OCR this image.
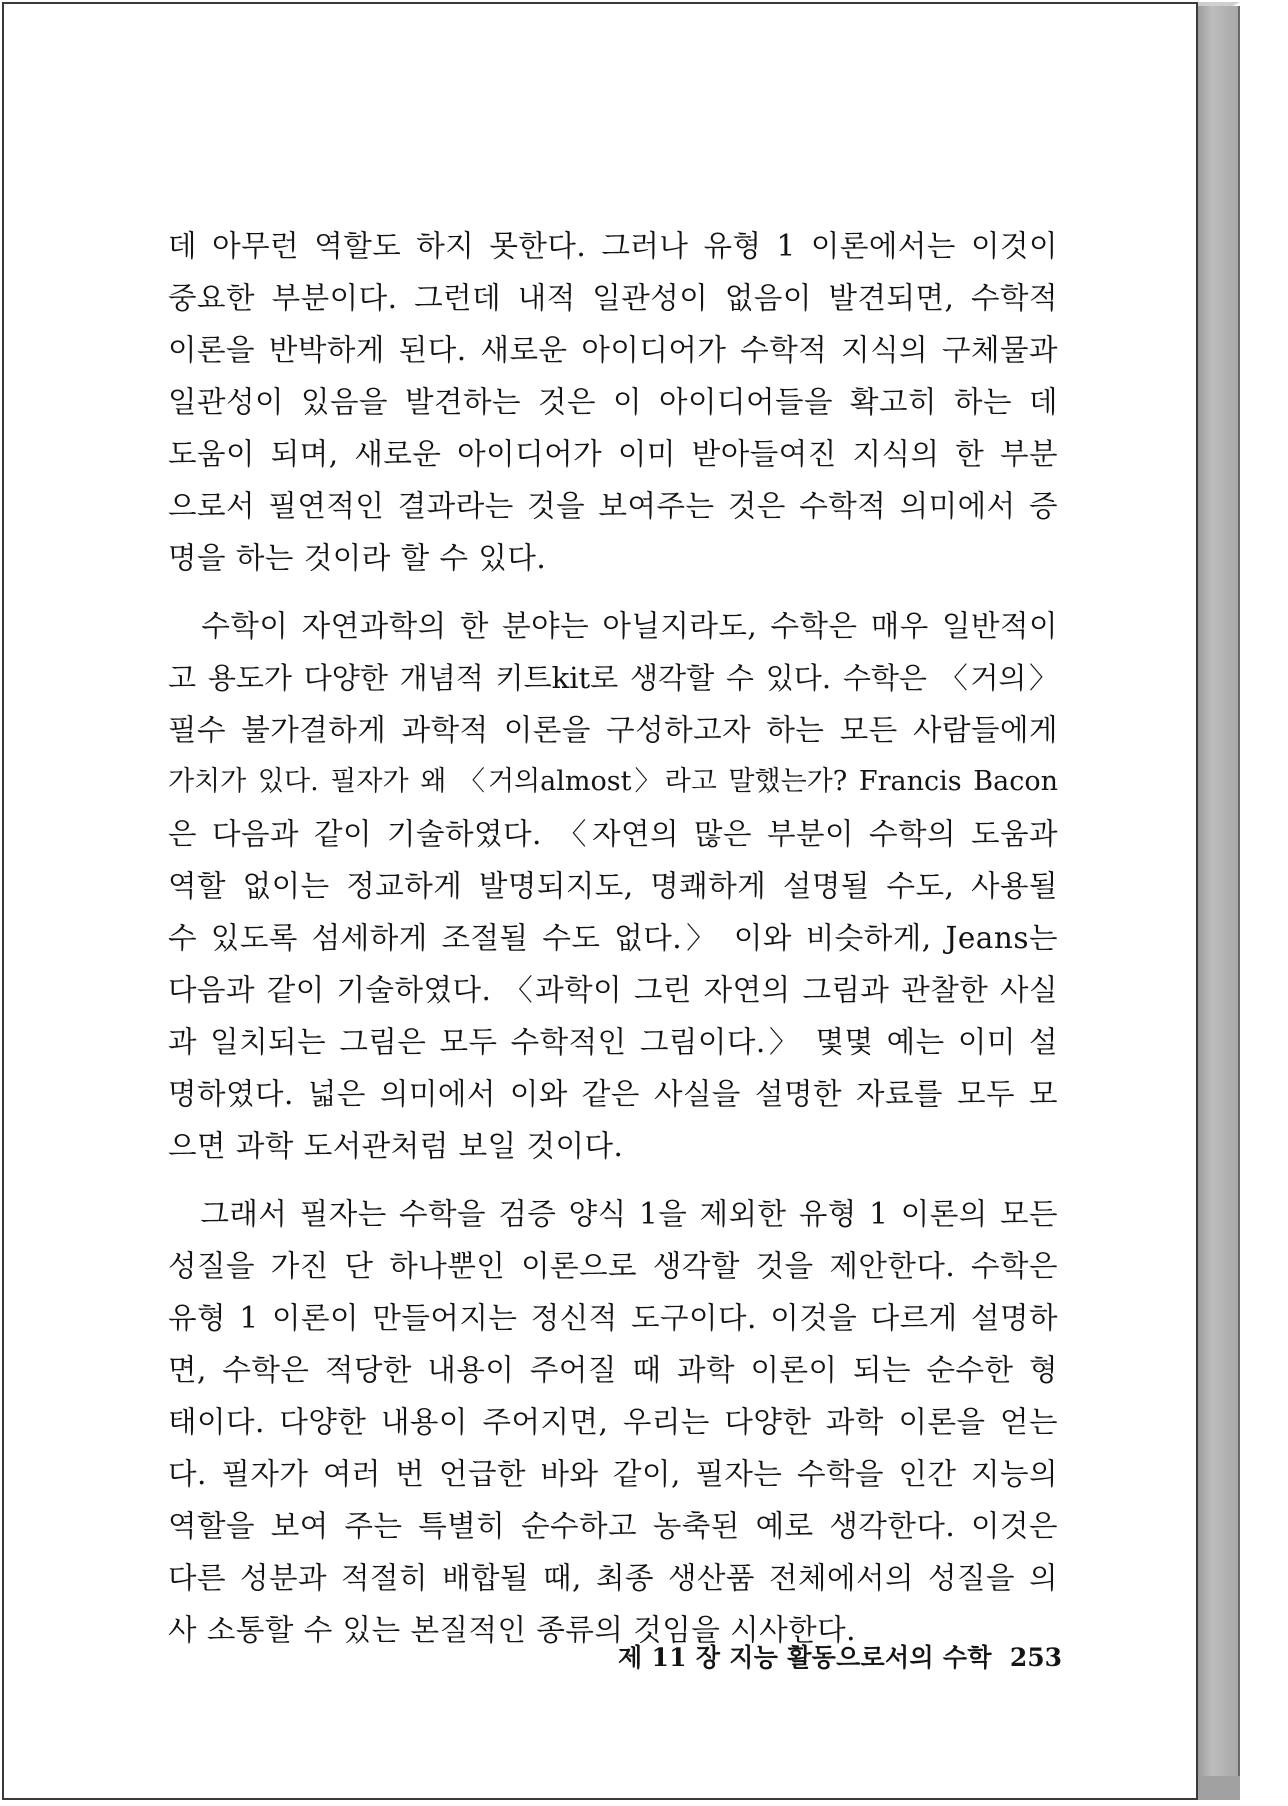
데 아무런 역할도 하지 못한다. 그러나 유형 1 이론에서는 이것이
중요한 부분이다. 그런데 내적 일관성이 없음이 발견되면, 수학적
이론을 반박하게 된다. 새로운 아이디어가 수학적 지식의 구체물과
일관성이 있음을 발견하는 것은 이 아이디어들을 확고히 하는 데
도움이 되며, 새로운 아이디어가 이미 받아들여진 지식의 한 부분
으로서 필연적인 결과라는 것을 보여주는 것은 수학적 의미에서 증
명을 하는 것이라 할 수 있다.
　수학이 자연과학의 한 분야는 아닐지라도, 수학은 매우 일반적이
고 용도가 다양한 개념적 키트kit로 생각할 수 있다. 수학은 〈거의〉
필수 불가결하게 과학적 이론을 구성하고자 하는 모든 사람들에게
가치가 있다. 필자가 왜 〈거의almost〉라고 말했는가? Francis Bacon
은 다음과 같이 기술하였다. 〈자연의 많은 부분이 수학의 도움과
역할 없이는 정교하게 발명되지도, 명쾌하게 설명될 수도, 사용될
수 있도록 섬세하게 조절될 수도 없다.〉 이와 비슷하게, Jeans는
다음과 같이 기술하였다. 〈과학이 그린 자연의 그림과 관찰한 사실
과 일치되는 그림은 모두 수학적인 그림이다.〉 몇몇 예는 이미 설
명하였다. 넓은 의미에서 이와 같은 사실을 설명한 자료를 모두 모
으면 과학 도서관처럼 보일 것이다.
　그래서 필자는 수학을 검증 양식 1을 제외한 유형 1 이론의 모든
성질을 가진 단 하나뿐인 이론으로 생각할 것을 제안한다. 수학은
유형 1 이론이 만들어지는 정신적 도구이다. 이것을 다르게 설명하
면, 수학은 적당한 내용이 주어질 때 과학 이론이 되는 순수한 형
태이다. 다양한 내용이 주어지면, 우리는 다양한 과학 이론을 얻는
다. 필자가 여러 번 언급한 바와 같이, 필자는 수학을 인간 지능의
역할을 보여 주는 특별히 순수하고 농축된 예로 생각한다. 이것은
다른 성분과 적절히 배합될 때, 최종 생산품 전체에서의 성질을 의
사 소통할 수 있는 본질적인 종류의 것임을 시사한다.
제 11 장 지능 활동으로서의 수학 253
